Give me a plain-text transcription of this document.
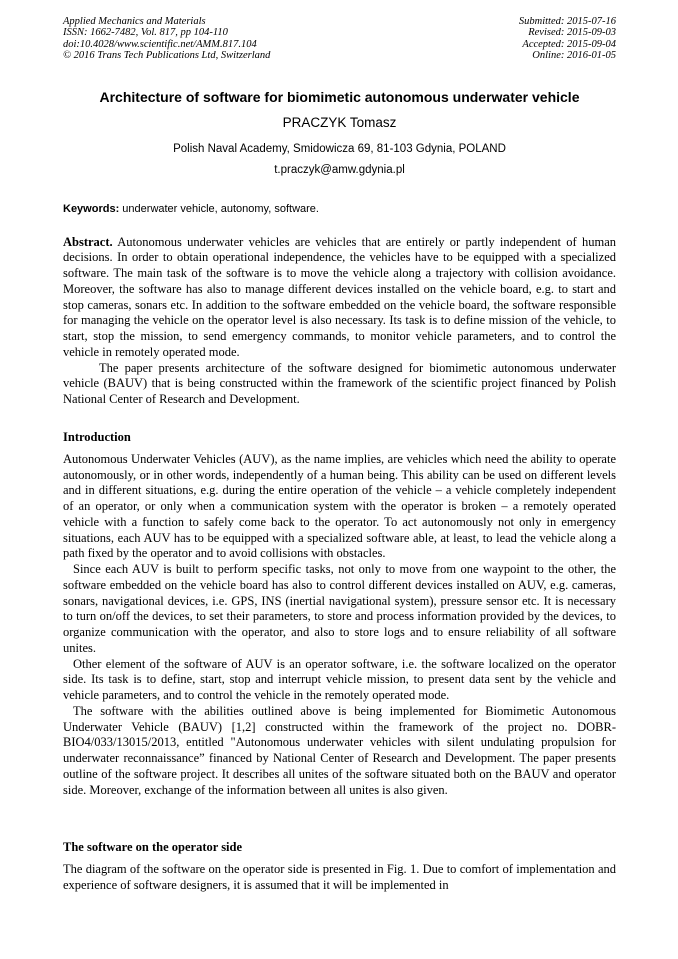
Applied Mechanics and Materials
ISSN: 1662-7482, Vol. 817, pp 104-110
doi:10.4028/www.scientific.net/AMM.817.104
© 2016 Trans Tech Publications Ltd, Switzerland
Submitted: 2015-07-16
Revised: 2015-09-03
Accepted: 2015-09-04
Online: 2016-01-05
Architecture of software for biomimetic autonomous underwater vehicle
PRACZYK Tomasz
Polish Naval Academy, Smidowicza 69, 81-103 Gdynia, POLAND
t.praczyk@amw.gdynia.pl

Keywords: underwater vehicle, autonomy, software.

Abstract. Autonomous underwater vehicles are vehicles that are entirely or partly independent of human decisions. In order to obtain operational independence, the vehicles have to be equipped with a specialized software. The main task of the software is to move the vehicle along a trajectory with collision avoidance. Moreover, the software has also to manage different devices installed on the vehicle board, e.g. to start and stop cameras, sonars etc. In addition to the software embedded on the vehicle board, the software responsible for managing the vehicle on the operator level is also necessary. Its task is to define mission of the vehicle, to start, stop the mission, to send emergency commands, to monitor vehicle parameters, and to control the vehicle in remotely operated mode.

The paper presents architecture of the software designed for biomimetic autonomous underwater vehicle (BAUV) that is being constructed within the framework of the scientific project financed by Polish National Center of Research and Development.

Introduction

Autonomous Underwater Vehicles (AUV), as the name implies, are vehicles which need the ability to operate autonomously, or in other words, independently of a human being. This ability can be used on different levels and in different situations, e.g. during the entire operation of the vehicle – a vehicle completely independent of an operator, or only when a communication system with the operator is broken – a remotely operated vehicle with a function to safely come back to the operator. To act autonomously not only in emergency situations, each AUV has to be equipped with a specialized software able, at least, to lead the vehicle along a path fixed by the operator and to avoid collisions with obstacles.

Since each AUV is built to perform specific tasks, not only to move from one waypoint to the other, the software embedded on the vehicle board has also to control different devices installed on AUV, e.g. cameras, sonars, navigational devices, i.e. GPS, INS (inertial navigational system), pressure sensor etc. It is necessary to turn on/off the devices, to set their parameters, to store and process information provided by the devices, to organize communication with the operator, and also to store logs and to ensure reliability of all software unites.

Other element of the software of AUV is an operator software, i.e. the software localized on the operator side. Its task is to define, start, stop and interrupt vehicle mission, to present data sent by the vehicle and vehicle parameters, and to control the vehicle in the remotely operated mode.

The software with the abilities outlined above is being implemented for Biomimetic Autonomous Underwater Vehicle (BAUV) [1,2] constructed within the framework of the project no. DOBR-BIO4/033/13015/2013, entitled "Autonomous underwater vehicles with silent undulating propulsion for underwater reconnaissance” financed by National Center of Research and Development. The paper presents outline of the software project. It describes all unites of the software situated both on the BAUV and operator side. Moreover, exchange of the information between all unites is also given.

The software on the operator side

The diagram of the software on the operator side is presented in Fig. 1. Due to comfort of implementation and experience of software designers, it is assumed that it will be implemented in
